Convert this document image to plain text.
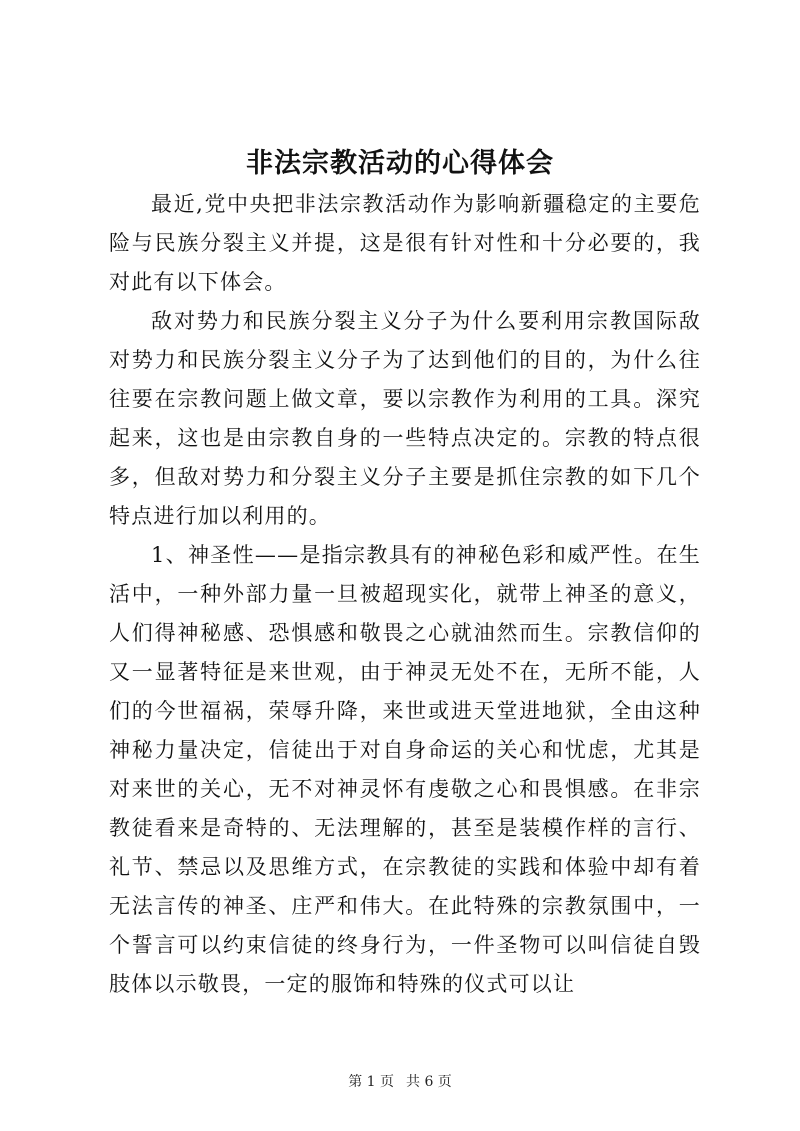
非法宗教活动的心得体会

最近,党中央把非法宗教活动作为影响新疆稳定的主要危险与民族分裂主义并提，这是很有针对性和十分必要的，我对此有以下体会。

敌对势力和民族分裂主义分子为什么要利用宗教国际敌对势力和民族分裂主义分子为了达到他们的目的，为什么往往要在宗教问题上做文章，要以宗教作为利用的工具。深究起来，这也是由宗教自身的一些特点决定的。宗教的特点很多，但敌对势力和分裂主义分子主要是抓住宗教的如下几个特点进行加以利用的。

1、神圣性——是指宗教具有的神秘色彩和威严性。在生活中，一种外部力量一旦被超现实化，就带上神圣的意义，人们得神秘感、恐惧感和敬畏之心就油然而生。宗教信仰的又一显著特征是来世观，由于神灵无处不在，无所不能，人们的今世福祸，荣辱升降，来世或进天堂进地狱，全由这种神秘力量决定，信徒出于对自身命运的关心和忧虑，尤其是对来世的关心，无不对神灵怀有虔敬之心和畏惧感。在非宗教徒看来是奇特的、无法理解的，甚至是装模作样的言行、礼节、禁忌以及思维方式，在宗教徒的实践和体验中却有着无法言传的神圣、庄严和伟大。在此特殊的宗教氛围中，一个誓言可以约束信徒的终身行为，一件圣物可以叫信徒自毁肢体以示敬畏，一定的服饰和特殊的仪式可以让

第 1 页 共 6 页
